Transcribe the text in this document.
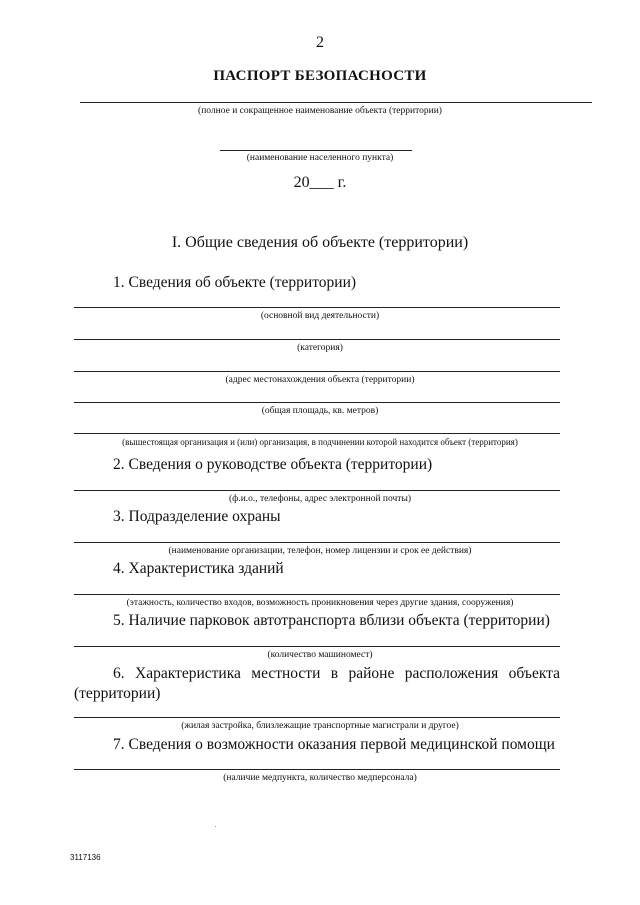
2
ПАСПОРТ БЕЗОПАСНОСТИ
(полное и сокращенное наименование объекта (территории)
(наименование населенного пункта)
20___ г.
I. Общие сведения об объекте (территории)
1. Сведения об объекте (территории)
(основной вид деятельности)
(категория)
(адрес местонахождения объекта (территории)
(общая площадь, кв. метров)
(вышестоящая организация и (или) организация, в подчинении которой находится объект (территория)
2. Сведения о руководстве объекта (территории)
(ф.и.о., телефоны, адрес электронной почты)
3. Подразделение охраны
(наименование организации, телефон, номер лицензии и срок ее действия)
4. Характеристика зданий
(этажность, количество входов, возможность проникновения через другие здания, сооружения)
5. Наличие парковок автотранспорта вблизи объекта (территории)
(количество машиномест)
6. Характеристика местности в районе расположения объекта (территории)
(жилая застройка, близлежащие транспортные магистрали и другое)
7. Сведения о возможности оказания первой медицинской помощи
(наличие медпункта, количество медперсонала)
3117136
